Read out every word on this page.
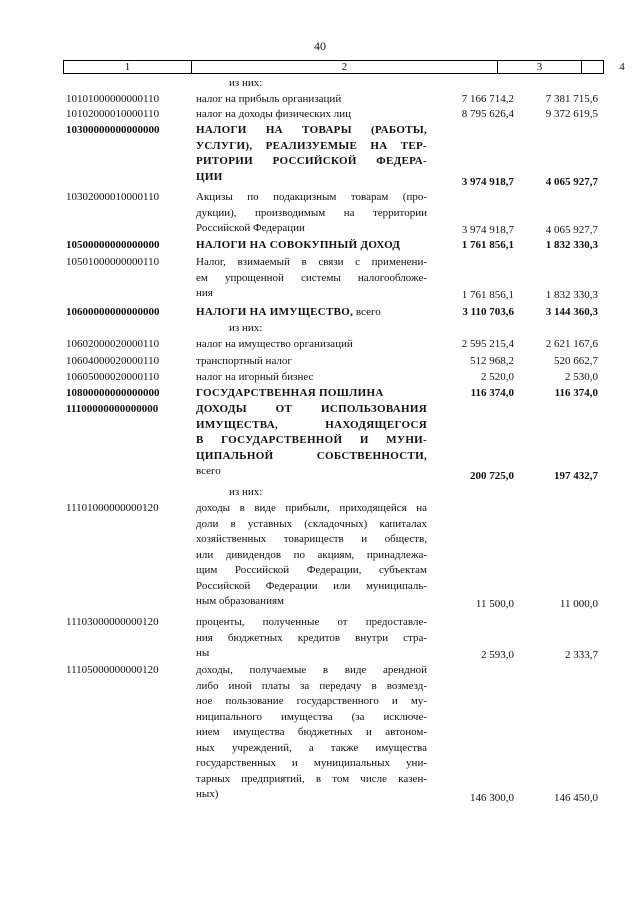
40
1	2	3	4
из них:
10101000000000110	налог на прибыль организаций	7 166 714,2	7 381 715,6
10102000010000110	налог на доходы физических лиц	8 795 626,4	9 372 619,5
10300000000000000	НАЛОГИ НА ТОВАРЫ (РАБОТЫ,
УСЛУГИ), РЕАЛИЗУЕМЫЕ НА ТЕР-
РИТОРИИ РОССИЙСКОЙ ФЕДЕРА-
ЦИИ	3 974 918,7	4 065 927,7
10302000010000110	Акцизы по подакцизным товарам (про-
дукции), производимым на территории
Российской Федерации	3 974 918,7	4 065 927,7
10500000000000000	НАЛОГИ НА СОВОКУПНЫЙ ДОХОД	1 761 856,1	1 832 330,3
10501000000000110	Налог, взимаемый в связи с применени-
ем упрощенной системы налогообложе-
ния	1 761 856,1	1 832 330,3
10600000000000000	НАЛОГИ НА ИМУЩЕСТВО, всего	3 110 703,6	3 144 360,3
из них:
10602000020000110	налог на имущество организаций	2 595 215,4	2 621 167,6
10604000020000110	транспортный налог	512 968,2	520 662,7
10605000020000110	налог на игорный бизнес	2 520,0	2 530,0
10800000000000000	ГОСУДАРСТВЕННАЯ ПОШЛИНА	116 374,0	116 374,0
11100000000000000	ДОХОДЫ ОТ ИСПОЛЬЗОВАНИЯ
ИМУЩЕСТВА, НАХОДЯЩЕГОСЯ
В ГОСУДАРСТВЕННОЙ И МУНИ-
ЦИПАЛЬНОЙ СОБСТВЕННОСТИ,
всего	200 725,0	197 432,7
из них:
11101000000000120	доходы в виде прибыли, приходящейся на
доли в уставных (складочных) капиталах
хозяйственных товариществ и обществ,
или дивидендов по акциям, принадлежа-
щим Российской Федерации, субъектам
Российской Федерации или муниципаль-
ным образованиям	11 500,0	11 000,0
11103000000000120	проценты, полученные от предоставле-
ния бюджетных кредитов внутри стра-
ны	2 593,0	2 333,7
11105000000000120	доходы, получаемые в виде арендной
либо иной платы за передачу в возмезд-
ное пользование государственного и му-
ниципального имущества (за исключе-
нием имущества бюджетных и автоном-
ных учреждений, а также имущества
государственных и муниципальных уни-
тарных предприятий, в том числе казен-
ных)	146 300,0	146 450,0
